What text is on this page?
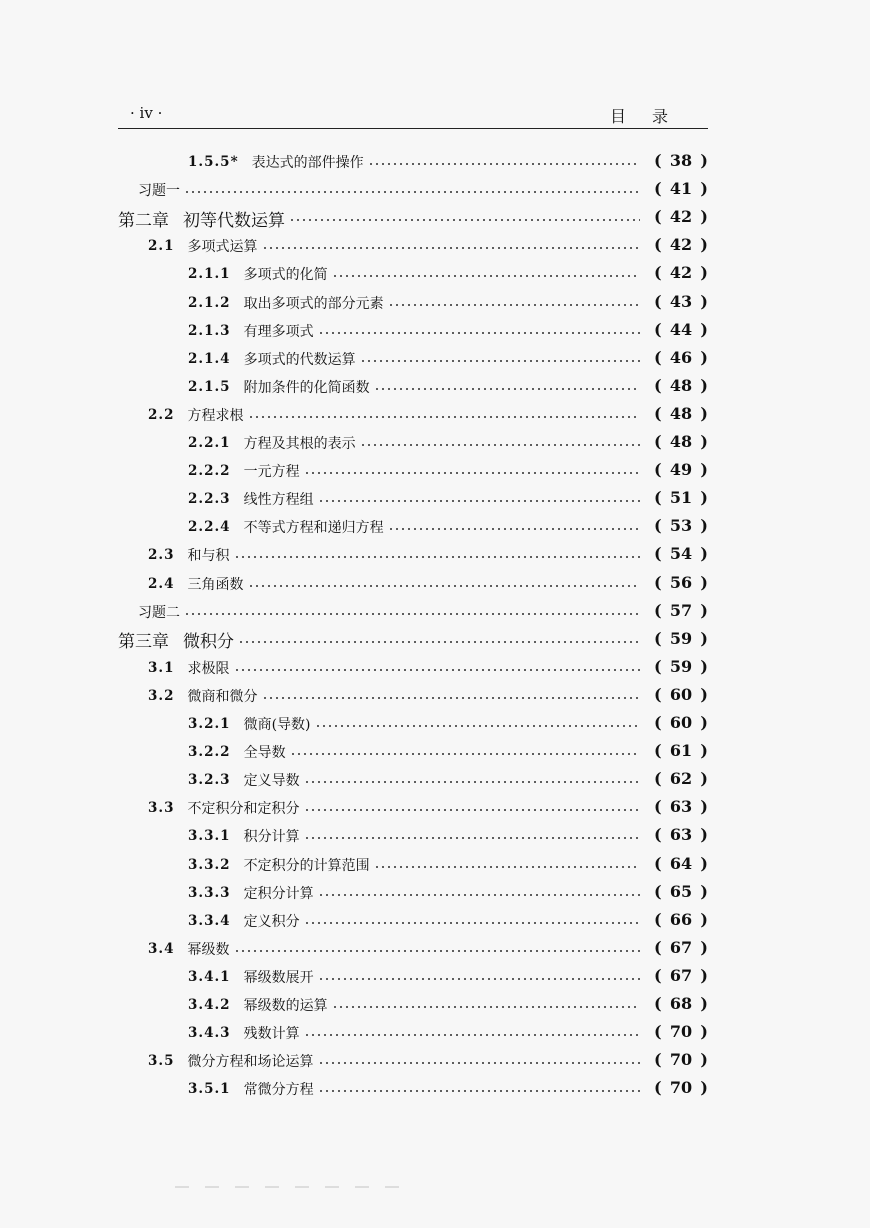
· iv ·	目录
1.5.5* 表达式的部件操作	( 38 )
习题一	( 41 )
第二章 初等代数运算	( 42 )
2.1 多项式运算	( 42 )
2.1.1 多项式的化简	( 42 )
2.1.2 取出多项式的部分元素	( 43 )
2.1.3 有理多项式	( 44 )
2.1.4 多项式的代数运算	( 46 )
2.1.5 附加条件的化简函数	( 48 )
2.2 方程求根	( 48 )
2.2.1 方程及其根的表示	( 48 )
2.2.2 一元方程	( 49 )
2.2.3 线性方程组	( 51 )
2.2.4 不等式方程和递归方程	( 53 )
2.3 和与积	( 54 )
2.4 三角函数	( 56 )
习题二	( 57 )
第三章 微积分	( 59 )
3.1 求极限	( 59 )
3.2 微商和微分	( 60 )
3.2.1 微商(导数)	( 60 )
3.2.2 全导数	( 61 )
3.2.3 定义导数	( 62 )
3.3 不定积分和定积分	( 63 )
3.3.1 积分计算	( 63 )
3.3.2 不定积分的计算范围	( 64 )
3.3.3 定积分计算	( 65 )
3.3.4 定义积分	( 66 )
3.4 幂级数	( 67 )
3.4.1 幂级数展开	( 67 )
3.4.2 幂级数的运算	( 68 )
3.4.3 残数计算	( 70 )
3.5 微分方程和场论运算	( 70 )
3.5.1 常微分方程	( 70 )
